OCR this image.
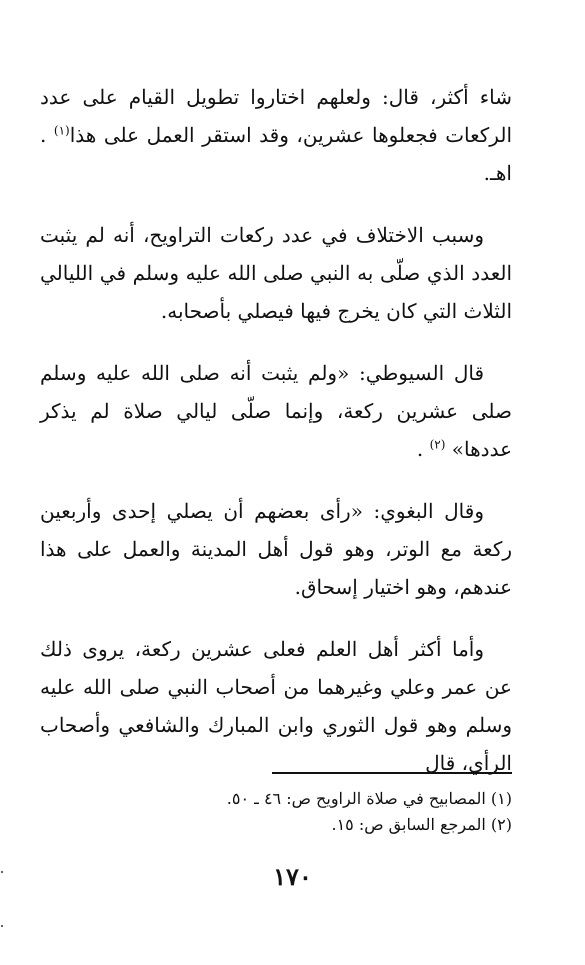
شاء أكثر، قال: ولعلهم اختاروا تطويل القيام على عدد الركعات فجعلوها عشرين، وقد استقر العمل على هذا$^{(١)}$ . اهـ.

وسبب الاختلاف في عدد ركعات التراويح، أنه لم يثبت العدد الذي صلّى به النبي صلى الله عليه وسلم في الليالي الثلاث التي كان يخرج فيها فيصلي بأصحابه.

قال السيوطي: «ولم يثبت أنه صلى الله عليه وسلم صلى عشرين ركعة، وإنما صلّى ليالي صلاة لم يذكر عددها» $^{(٢)}$ .

وقال البغوي: «رأى بعضهم أن يصلي إحدى وأربعين ركعة مع الوتر، وهو قول أهل المدينة والعمل على هذا عندهم، وهو اختيار إسحاق.

وأما أكثر أهل العلم فعلى عشرين ركعة، يروى ذلك عن عمر وعلي وغيرهما من أصحاب النبي صلى الله عليه وسلم وهو قول الثوري وابن المبارك والشافعي وأصحاب الرأي، قال

(١) المصابيح في صلاة الراويح ص: ٤٦ ـ ٥٠.
(٢) المرجع السابق ص: ١٥.
١٧٠
